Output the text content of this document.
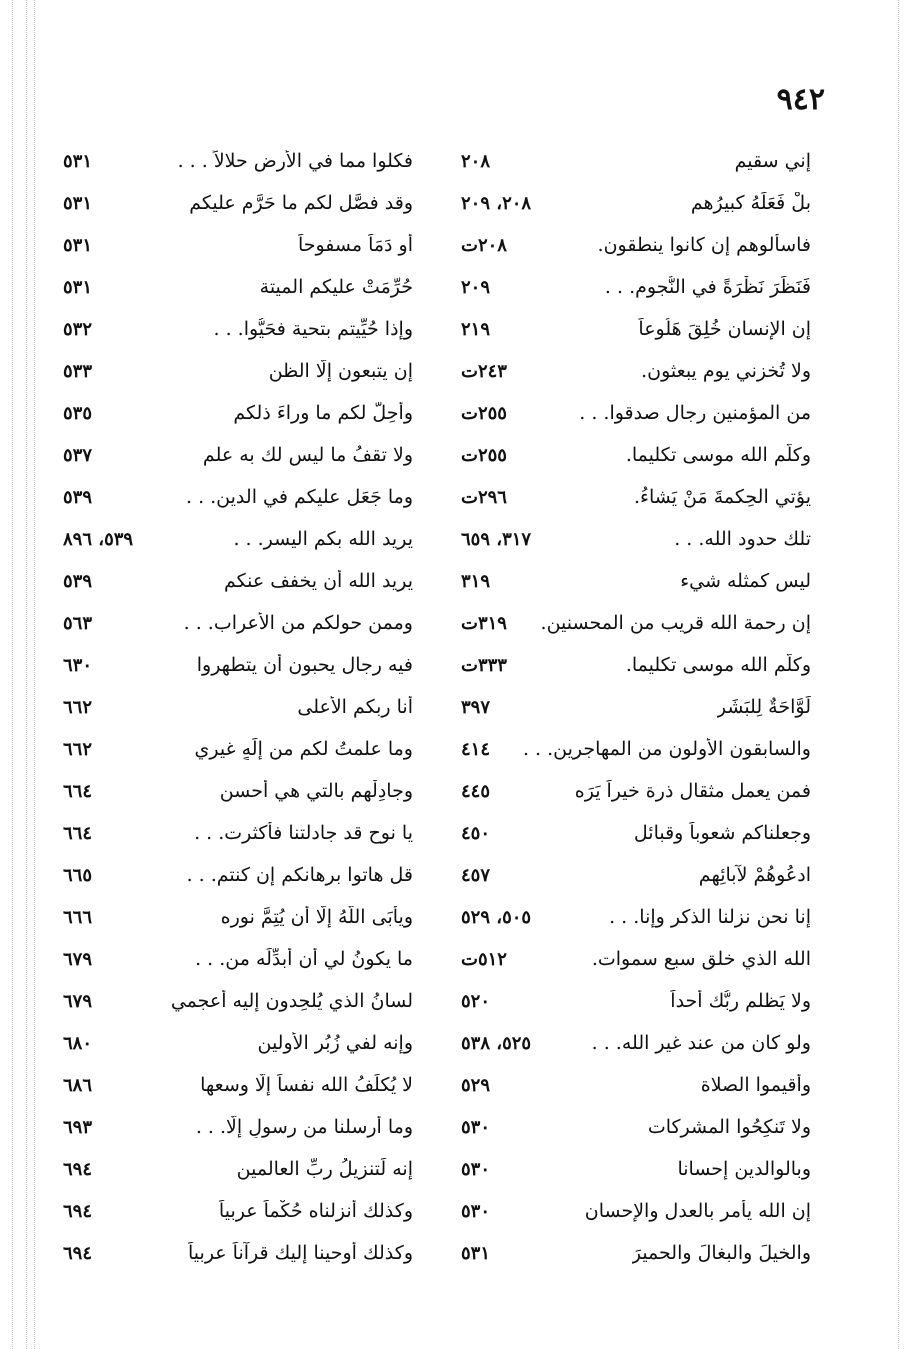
٩٤٢
إني سقيم
٢٠٨
بلْ فَعَلَهُ كبيرُهم
٢٠٨، ٢٠٩
فاسألوهم إن كانوا ينطقون.
٢٠٨ت
فَنَظَرَ نَظْرَةً في النُّجومِ. . .
٢٠٩
إن الإنسان خُلِقَ هَلُوعاً
٢١٩
ولا تُخزني يوم يبعثون.
٢٤٣ت
من المؤمنين رجال صدقوا. . .
٢٥٥ت
وكلَّم الله موسى تكليما.
٢٥٥ت
يؤتي الحِكمةَ مَنْ يَشاءُ.
٢٩٦ت
تلك حدود الله. . .
٣١٧، ٦٥٩
ليس كمثله شيء
٣١٩
إن رحمة الله قريب من المحسنين.
٣١٩ت
وكلَّم الله موسى تكليما.
٣٣٣ت
لَوَّاحَةٌ لِلبَشَر
٣٩٧
والسابقون الأولون من المهاجرين. . .
٤١٤
فمن يعمل مثقال ذرة خيراً يَرَه
٤٤٥
وجعلناكم شعوباً وقبائل
٤٥٠
ادعُوهُمْ لآبائِهم
٤٥٧
إنا نحن نزلنا الذكر وإنا. . .
٥٠٥، ٥٢٩
الله الذي خلق سبع سموات.
٥١٢ت
ولا يَظلم ربُّك أحداً
٥٢٠
ولو كان من عند غير الله. . .
٥٢٥، ٥٣٨
وأقيموا الصلاة
٥٢٩
ولا تَنكِحُوا المشركات
٥٣٠
وبالوالدين إحسانا
٥٣٠
إن الله يأمر بالعدل والإحسان
٥٣٠
والخيلَ والبغالَ والحميرَ
٥٣١
فكلوا مما في الأرض حلالاً . . .
٥٣١
وقد فصَّل لكم ما حَرَّم عليكم
٥٣١
أو دَمَاً مسفوحاً
٥٣١
حُرِّمَتْ عليكم الميتة
٥٣١
وإذا حُيِّيتم بتحية فحَيُّوا. . .
٥٣٢
إن يتبعون إلَّا الظن
٥٣٣
وأُحِلَّ لكم ما وراءَ ذلكم
٥٣٥
ولا تقفُ ما ليس لك به علم
٥٣٧
وما جَعَل عليكم في الدين. . .
٥٣٩
يريد الله بكم اليسر. . .
٥٣٩، ٨٩٦
يريد الله أن يخفف عنكم
٥٣٩
وممن حولكم من الأعراب. . .
٥٦٣
فيه رجال يحبون أن يتطهروا
٦٣٠
أنا ربكم الأعلى
٦٦٢
وما علمتُ لكم من إلَهٍ غيري
٦٦٢
وجادِلْهم بالتي هي أحسن
٦٦٤
يا نوح قد جادلتنا فأكثرت. . .
٦٦٤
قل هاتوا برهانكم إن كنتم. . .
٦٦٥
ويأبَى اللَّهُ إلَّا أن يُتِمَّ نوره
٦٦٦
ما يكونُ لي أن أبدِّلَه من. . .
٦٧٩
لسانُ الذي يُلحِدون إليه أعجمي
٦٧٩
وإنه لفي زُبُرِ الأولين
٦٨٠
لا يُكلِّفُ الله نفساً إلَّا وسعها
٦٨٦
وما أرسلنا من رسولٍ إلَّا. . .
٦٩٣
إنه لَتنزيلُ ربِّ العالمين
٦٩٤
وكذلك أنزلناه حُكْماً عربياً
٦٩٤
وكذلك أوحينا إليك قرآناً عربياً
٦٩٤
